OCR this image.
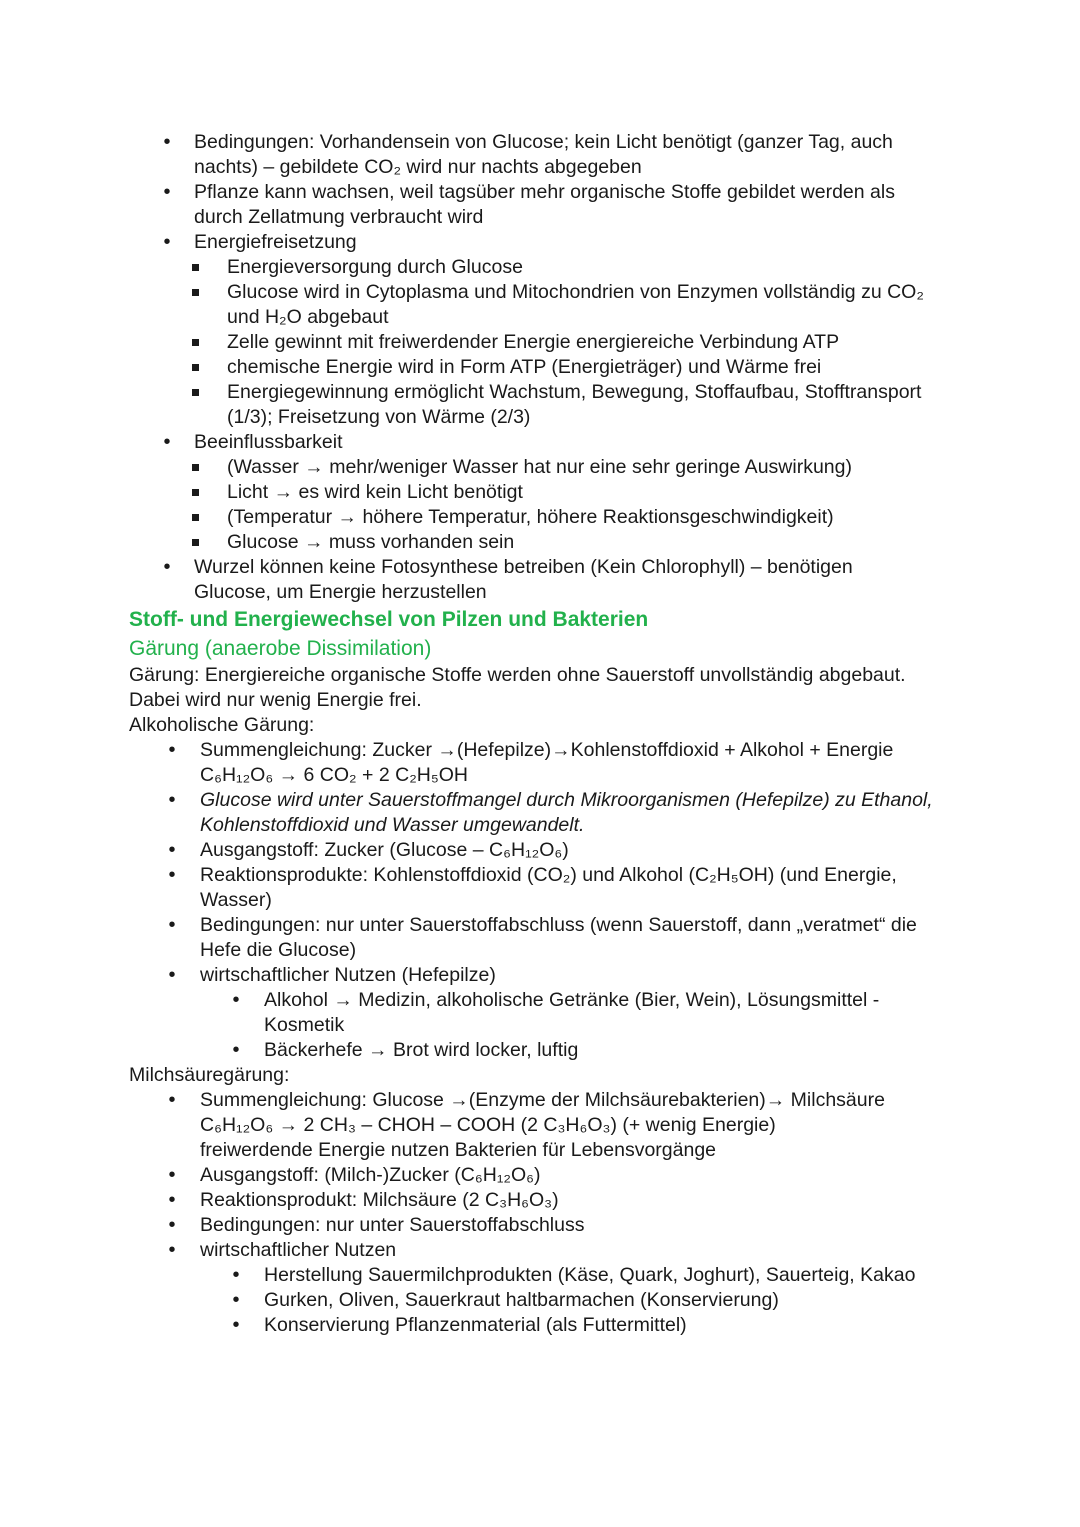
• Bedingungen: Vorhandensein von Glucose; kein Licht benötigt (ganzer Tag, auch
nachts) – gebildete CO₂ wird nur nachts abgegeben
• Pflanze kann wachsen, weil tagsüber mehr organische Stoffe gebildet werden als
durch Zellatmung verbraucht wird
• Energiefreisetzung
Energieversorgung durch Glucose
Glucose wird in Cytoplasma und Mitochondrien von Enzymen vollständig zu CO₂
und H₂O abgebaut
Zelle gewinnt mit freiwerdender Energie energiereiche Verbindung ATP
chemische Energie wird in Form ATP (Energieträger) und Wärme frei
Energiegewinnung ermöglicht Wachstum, Bewegung, Stoffaufbau, Stofftransport
(1/3); Freisetzung von Wärme (2/3)
• Beeinflussbarkeit
(Wasser → mehr/weniger Wasser hat nur eine sehr geringe Auswirkung)
Licht → es wird kein Licht benötigt
(Temperatur → höhere Temperatur, höhere Reaktionsgeschwindigkeit)
Glucose → muss vorhanden sein
• Wurzel können keine Fotosynthese betreiben (Kein Chlorophyll) – benötigen
Glucose, um Energie herzustellen
Stoff- und Energiewechsel von Pilzen und Bakterien
Gärung (anaerobe Dissimilation)
Gärung: Energiereiche organische Stoffe werden ohne Sauerstoff unvollständig abgebaut.
Dabei wird nur wenig Energie frei.
Alkoholische Gärung:
• Summengleichung: Zucker →(Hefepilze)→Kohlenstoffdioxid + Alkohol + Energie
C₆H₁₂O₆ → 6 CO₂ + 2 C₂H₅OH
• Glucose wird unter Sauerstoffmangel durch Mikroorganismen (Hefepilze) zu Ethanol,
Kohlenstoffdioxid und Wasser umgewandelt.
• Ausgangstoff: Zucker (Glucose – C₆H₁₂O₆)
• Reaktionsprodukte: Kohlenstoffdioxid (CO₂) und Alkohol (C₂H₅OH) (und Energie,
Wasser)
• Bedingungen: nur unter Sauerstoffabschluss (wenn Sauerstoff, dann „veratmet“ die
Hefe die Glucose)
• wirtschaftlicher Nutzen (Hefepilze)
• Alkohol → Medizin, alkoholische Getränke (Bier, Wein), Lösungsmittel -
Kosmetik
• Bäckerhefe → Brot wird locker, luftig
Milchsäuregärung:
• Summengleichung: Glucose →(Enzyme der Milchsäurebakterien)→ Milchsäure
C₆H₁₂O₆ → 2 CH₃ – CHOH – COOH (2 C₃H₆O₃) (+ wenig Energie)
freiwerdende Energie nutzen Bakterien für Lebensvorgänge
• Ausgangstoff: (Milch-)Zucker (C₆H₁₂O₆)
• Reaktionsprodukt: Milchsäure (2 C₃H₆O₃)
• Bedingungen: nur unter Sauerstoffabschluss
• wirtschaftlicher Nutzen
• Herstellung Sauermilchprodukten (Käse, Quark, Joghurt), Sauerteig, Kakao
• Gurken, Oliven, Sauerkraut haltbarmachen (Konservierung)
• Konservierung Pflanzenmaterial (als Futtermittel)
